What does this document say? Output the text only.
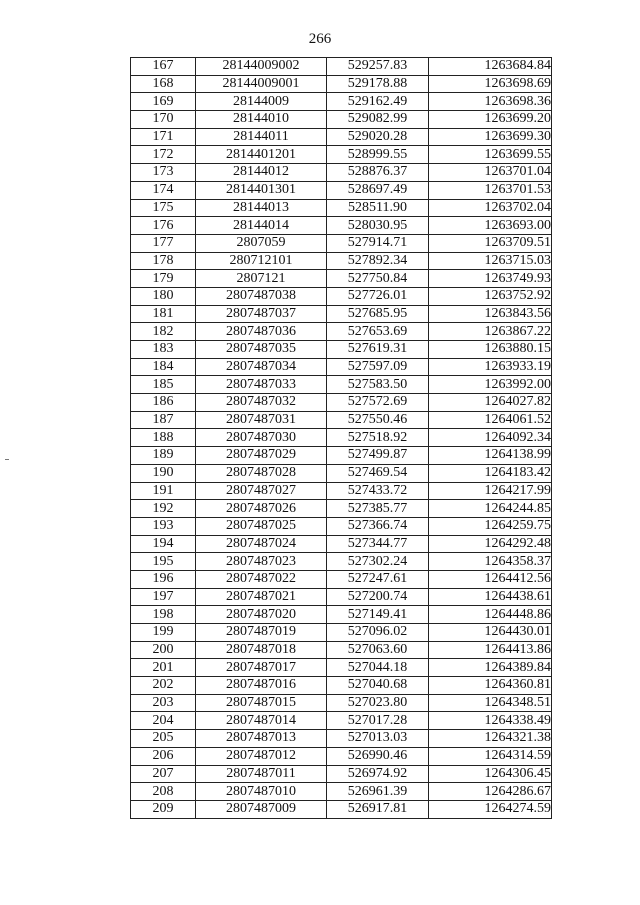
266
167	28144009002	529257.83	1263684.84
168	28144009001	529178.88	1263698.69
169	28144009	529162.49	1263698.36
170	28144010	529082.99	1263699.20
171	28144011	529020.28	1263699.30
172	2814401201	528999.55	1263699.55
173	28144012	528876.37	1263701.04
174	2814401301	528697.49	1263701.53
175	28144013	528511.90	1263702.04
176	28144014	528030.95	1263693.00
177	2807059	527914.71	1263709.51
178	280712101	527892.34	1263715.03
179	2807121	527750.84	1263749.93
180	2807487038	527726.01	1263752.92
181	2807487037	527685.95	1263843.56
182	2807487036	527653.69	1263867.22
183	2807487035	527619.31	1263880.15
184	2807487034	527597.09	1263933.19
185	2807487033	527583.50	1263992.00
186	2807487032	527572.69	1264027.82
187	2807487031	527550.46	1264061.52
188	2807487030	527518.92	1264092.34
189	2807487029	527499.87	1264138.99
190	2807487028	527469.54	1264183.42
191	2807487027	527433.72	1264217.99
192	2807487026	527385.77	1264244.85
193	2807487025	527366.74	1264259.75
194	2807487024	527344.77	1264292.48
195	2807487023	527302.24	1264358.37
196	2807487022	527247.61	1264412.56
197	2807487021	527200.74	1264438.61
198	2807487020	527149.41	1264448.86
199	2807487019	527096.02	1264430.01
200	2807487018	527063.60	1264413.86
201	2807487017	527044.18	1264389.84
202	2807487016	527040.68	1264360.81
203	2807487015	527023.80	1264348.51
204	2807487014	527017.28	1264338.49
205	2807487013	527013.03	1264321.38
206	2807487012	526990.46	1264314.59
207	2807487011	526974.92	1264306.45
208	2807487010	526961.39	1264286.67
209	2807487009	526917.81	1264274.59
